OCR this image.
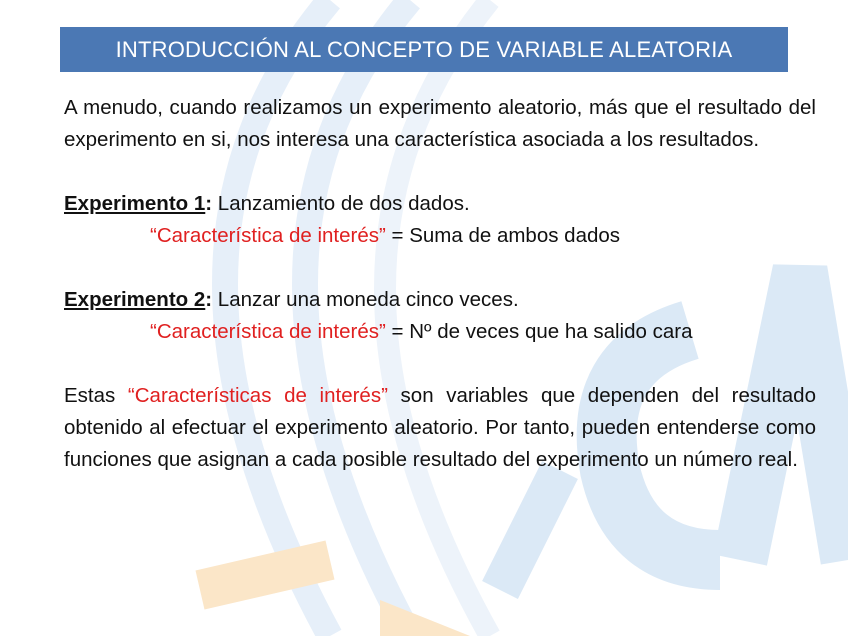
INTRODUCCIÓN AL CONCEPTO DE VARIABLE ALEATORIA

A menudo, cuando realizamos un experimento aleatorio, más que el resultado del experimento en si, nos interesa una característica asociada a los resultados.

Experimento 1: Lanzamiento de dos dados.

“Característica de interés” = Suma de ambos dados

Experimento 2: Lanzar una moneda cinco veces.

“Característica de interés” = Nº de veces que ha salido cara

Estas “Características de interés” son variables que dependen del resultado obtenido al efectuar el experimento aleatorio. Por tanto, pueden entenderse como funciones que asignan a cada posible resultado del experimento un número real.
